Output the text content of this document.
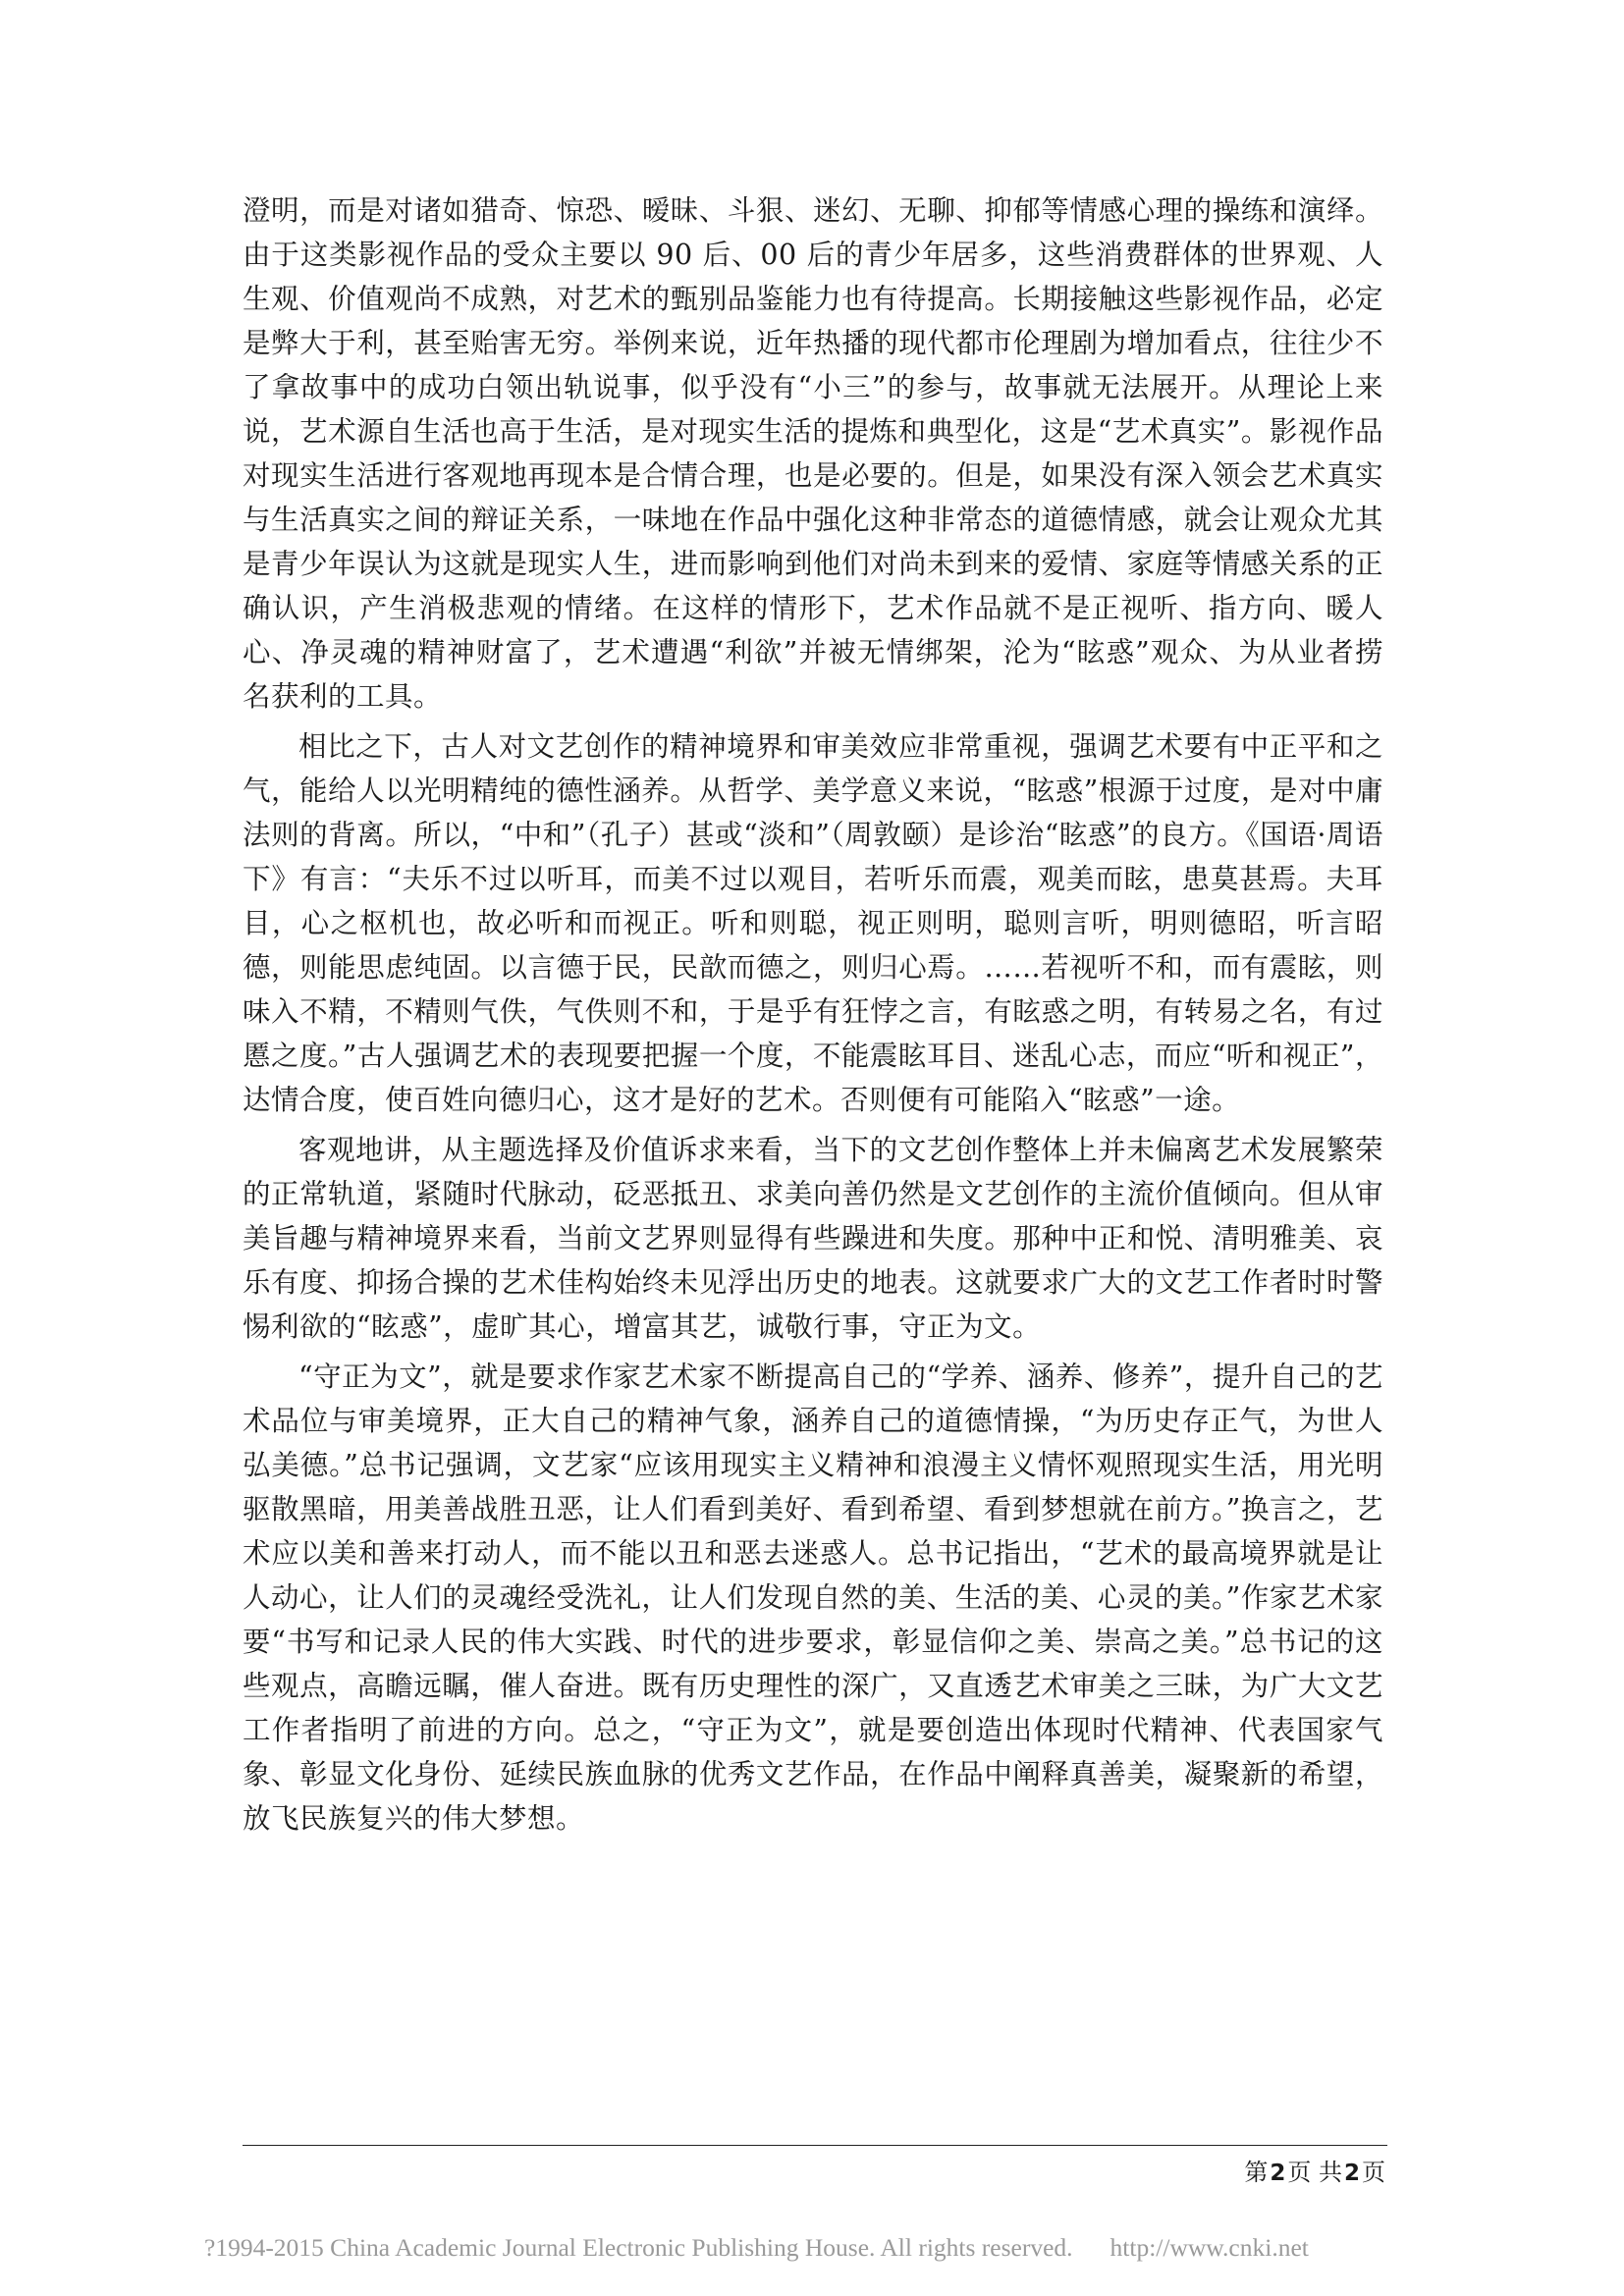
澄明，而是对诸如猎奇、惊恐、暧昧、斗狠、迷幻、无聊、抑郁等情感心理的操练和演绎。由于这类影视作品的受众主要以 90 后、00 后的青少年居多，这些消费群体的世界观、人生观、价值观尚不成熟，对艺术的甄别品鉴能力也有待提高。长期接触这些影视作品，必定是弊大于利，甚至贻害无穷。举例来说，近年热播的现代都市伦理剧为增加看点，往往少不了拿故事中的成功白领出轨说事，似乎没有“小三”的参与，故事就无法展开。从理论上来说，艺术源自生活也高于生活，是对现实生活的提炼和典型化，这是“艺术真实”。影视作品对现实生活进行客观地再现本是合情合理，也是必要的。但是，如果没有深入领会艺术真实与生活真实之间的辩证关系，一味地在作品中强化这种非常态的道德情感，就会让观众尤其是青少年误认为这就是现实人生，进而影响到他们对尚未到来的爱情、家庭等情感关系的正确认识，产生消极悲观的情绪。在这样的情形下，艺术作品就不是正视听、指方向、暖人心、净灵魂的精神财富了，艺术遭遇“利欲”并被无情绑架，沦为“眩惑”观众、为从业者捞名获利的工具。

相比之下，古人对文艺创作的精神境界和审美效应非常重视，强调艺术要有中正平和之气，能给人以光明精纯的德性涵养。从哲学、美学意义来说，“眩惑”根源于过度，是对中庸法则的背离。所以，“中和”（孔子）甚或“淡和”（周敦颐）是诊治“眩惑”的良方。《国语·周语下》有言：“夫乐不过以听耳，而美不过以观目，若听乐而震，观美而眩，患莫甚焉。夫耳目，心之枢机也，故必听和而视正。听和则聪，视正则明，聪则言听，明则德昭，听言昭德，则能思虑纯固。以言德于民，民歆而德之，则归心焉。……若视听不和，而有震眩，则味入不精，不精则气佚，气佚则不和，于是乎有狂悖之言，有眩惑之明，有转易之名，有过慝之度。”古人强调艺术的表现要把握一个度，不能震眩耳目、迷乱心志，而应“听和视正”，达情合度，使百姓向德归心，这才是好的艺术。否则便有可能陷入“眩惑”一途。

客观地讲，从主题选择及价值诉求来看，当下的文艺创作整体上并未偏离艺术发展繁荣的正常轨道，紧随时代脉动，砭恶抵丑、求美向善仍然是文艺创作的主流价值倾向。但从审美旨趣与精神境界来看，当前文艺界则显得有些躁进和失度。那种中正和悦、清明雅美、哀乐有度、抑扬合操的艺术佳构始终未见浮出历史的地表。这就要求广大的文艺工作者时时警惕利欲的“眩惑”，虚旷其心，增富其艺，诚敬行事，守正为文。

“守正为文”，就是要求作家艺术家不断提高自己的“学养、涵养、修养”，提升自己的艺术品位与审美境界，正大自己的精神气象，涵养自己的道德情操，“为历史存正气，为世人弘美德。”总书记强调，文艺家“应该用现实主义精神和浪漫主义情怀观照现实生活，用光明驱散黑暗，用美善战胜丑恶，让人们看到美好、看到希望、看到梦想就在前方。”换言之，艺术应以美和善来打动人，而不能以丑和恶去迷惑人。总书记指出，“艺术的最高境界就是让人动心，让人们的灵魂经受洗礼，让人们发现自然的美、生活的美、心灵的美。”作家艺术家要“书写和记录人民的伟大实践、时代的进步要求，彰显信仰之美、崇高之美。”总书记的这些观点，高瞻远瞩，催人奋进。既有历史理性的深广，又直透艺术审美之三昧，为广大文艺工作者指明了前进的方向。总之，“守正为文”，就是要创造出体现时代精神、代表国家气象、彰显文化身份、延续民族血脉的优秀文艺作品，在作品中阐释真善美，凝聚新的希望，放飞民族复兴的伟大梦想。

第2页 共2页
?1994-2015 China Academic Journal Electronic Publishing House. All rights reserved. http://www.cnki.net
